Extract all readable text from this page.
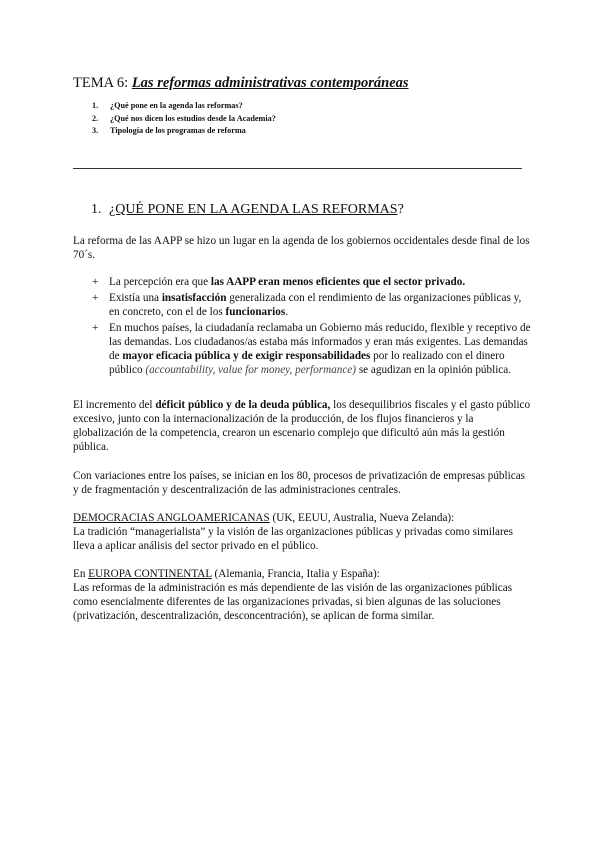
TEMA 6: Las reformas administrativas contemporáneas
1. ¿Qué pone en la agenda las reformas?
2. ¿Qué nos dicen los estudios desde la Academia?
3. Tipología de los programas de reforma
1. ¿QUÉ PONE EN LA AGENDA LAS REFORMAS?
La reforma de las AAPP se hizo un lugar en la agenda de los gobiernos occidentales desde final de los 70´s.
+ La percepción era que las AAPP eran menos eficientes que el sector privado.
+ Existía una insatisfacción generalizada con el rendimiento de las organizaciones públicas y, en concreto, con el de los funcionarios.
+ En muchos países, la ciudadanía reclamaba un Gobierno más reducido, flexible y receptivo de las demandas. Los ciudadanos/as estaba más informados y eran más exigentes. Las demandas de mayor eficacia pública y de exigir responsabilidades por lo realizado con el dinero público (accountability, value for money, performance) se agudizan en la opinión pública.
El incremento del déficit público y de la deuda pública, los desequilibrios fiscales y el gasto público excesivo, junto con la internacionalización de la producción, de los flujos financieros y la globalización de la competencia, crearon un escenario complejo que dificultó aún más la gestión pública.
Con variaciones entre los países, se inician en los 80, procesos de privatización de empresas públicas y de fragmentación y descentralización de las administraciones centrales.
DEMOCRACIAS ANGLOAMERICANAS (UK, EEUU, Australia, Nueva Zelanda):
La tradición “managerialista” y la visión de las organizaciones públicas y privadas como similares lleva a aplicar análisis del sector privado en el público.
En EUROPA CONTINENTAL (Alemania, Francia, Italia y España):
Las reformas de la administración es más dependiente de las visión de las organizaciones públicas como esencialmente diferentes de las organizaciones privadas, si bien algunas de las soluciones (privatización, descentralización, desconcentración), se aplican de forma similar.
